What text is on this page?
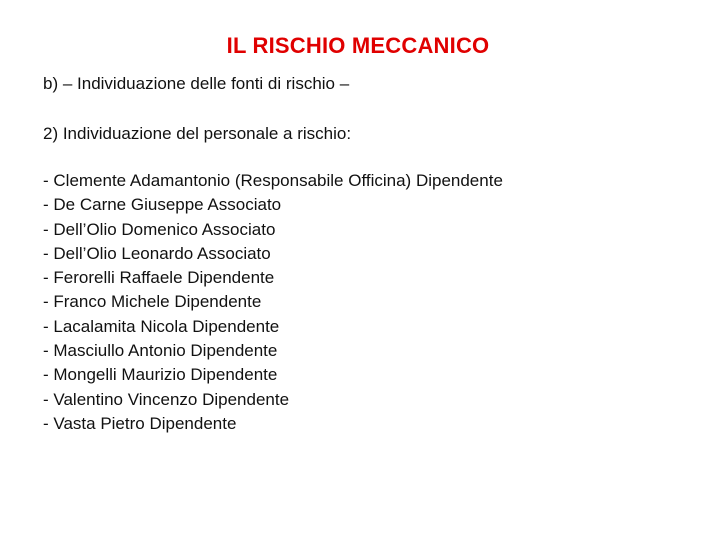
IL RISCHIO MECCANICO
b) – Individuazione delle fonti di rischio –
2) Individuazione del personale a rischio:
- Clemente Adamantonio (Responsabile Officina) Dipendente
- De Carne Giuseppe Associato
- Dell’Olio Domenico Associato
- Dell’Olio Leonardo Associato
- Ferorelli Raffaele Dipendente
- Franco Michele Dipendente
- Lacalamita Nicola Dipendente
- Masciullo Antonio Dipendente
- Mongelli Maurizio Dipendente
- Valentino Vincenzo Dipendente
- Vasta Pietro Dipendente
